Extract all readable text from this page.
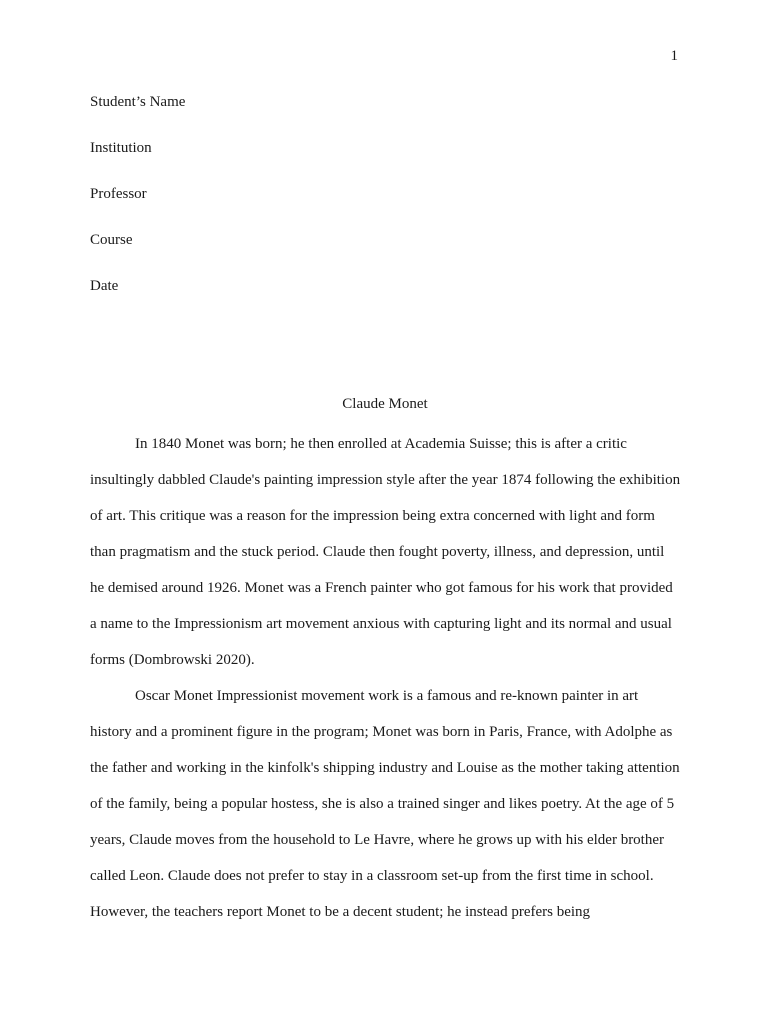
1
Student’s Name
Institution
Professor
Course
Date
Claude Monet

In 1840 Monet was born; he then enrolled at Academia Suisse; this is after a critic insultingly dabbled Claude's painting impression style after the year 1874 following the exhibition of art. This critique was a reason for the impression being extra concerned with light and form than pragmatism and the stuck period. Claude then fought poverty, illness, and depression, until he demised around 1926. Monet was a French painter who got famous for his work that provided a name to the Impressionism art movement anxious with capturing light and its normal and usual forms (Dombrowski 2020).

Oscar Monet Impressionist movement work is a famous and re-known painter in art history and a prominent figure in the program; Monet was born in Paris, France, with Adolphe as the father and working in the kinfolk's shipping industry and Louise as the mother taking attention of the family, being a popular hostess, she is also a trained singer and likes poetry. At the age of 5 years, Claude moves from the household to Le Havre, where he grows up with his elder brother called Leon. Claude does not prefer to stay in a classroom set-up from the first time in school. However, the teachers report Monet to be a decent student; he instead prefers being
